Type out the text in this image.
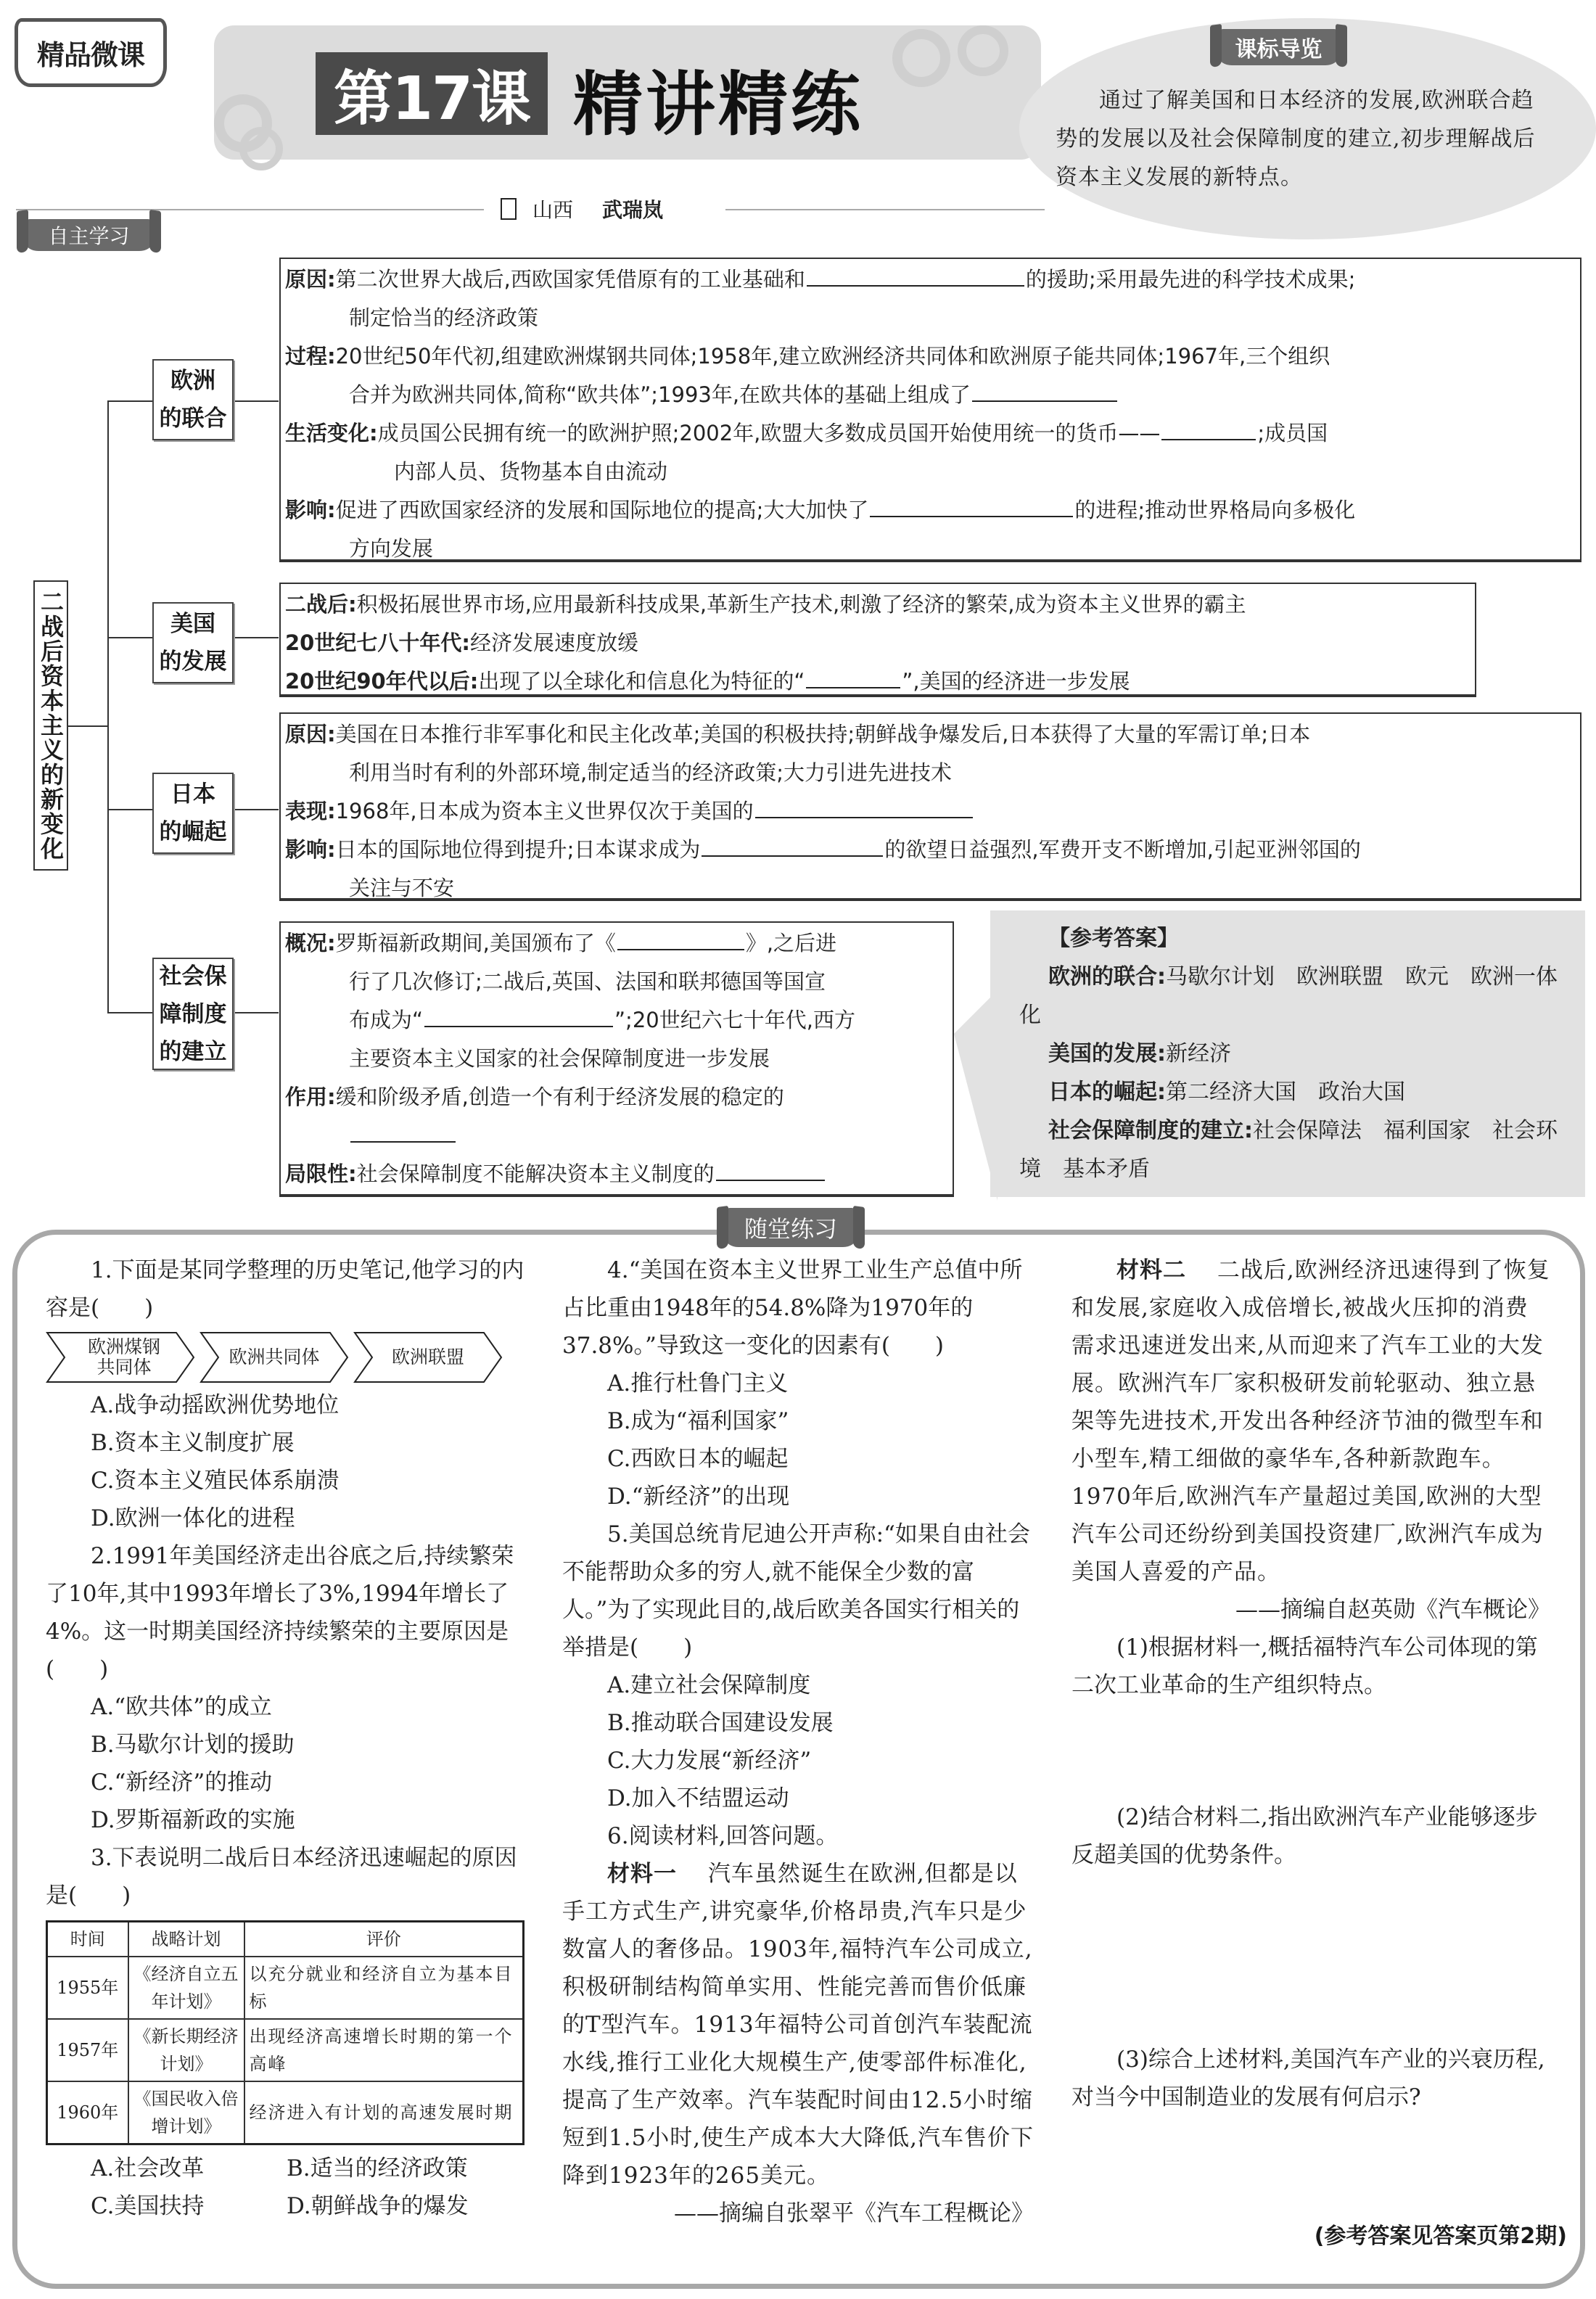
精品微课
第17课 精讲精练
课标导览
通过了解美国和日本经济的发展,欧洲联合趋势的发展以及社会保障制度的建立,初步理解战后资本主义发展的新特点。
山西 武瑞岚
自主学习
二战后资本主义的新变化
欧洲
的联合
美国
的发展
日本
的崛起
社会保
障制度
的建立
原因:第二次世界大战后,西欧国家凭借原有的工业基础和	的援助;采用最先进的科学技术成果;
制定恰当的经济政策
过程:20世纪50年代初,组建欧洲煤钢共同体;1958年,建立欧洲经济共同体和欧洲原子能共同体;1967年,三个组织
合并为欧洲共同体,简称“欧共体”;1993年,在欧共体的基础上组成了
生活变化:成员国公民拥有统一的欧洲护照;2002年,欧盟大多数成员国开始使用统一的货币——	;成员国
内部人员、货物基本自由流动
影响:促进了西欧国家经济的发展和国际地位的提高;大大加快了	的进程;推动世界格局向多极化
方向发展
二战后:积极拓展世界市场,应用最新科技成果,革新生产技术,刺激了经济的繁荣,成为资本主义世界的霸主
20世纪七八十年代:经济发展速度放缓
20世纪90年代以后:出现了以全球化和信息化为特征的“	”,美国的经济进一步发展
原因:美国在日本推行非军事化和民主化改革;美国的积极扶持;朝鲜战争爆发后,日本获得了大量的军需订单;日本
利用当时有利的外部环境,制定适当的经济政策;大力引进先进技术
表现:1968年,日本成为资本主义世界仅次于美国的
影响:日本的国际地位得到提升;日本谋求成为	的欲望日益强烈,军费开支不断增加,引起亚洲邻国的
关注与不安
概况:罗斯福新政期间,美国颁布了《	》,之后进
行了几次修订;二战后,英国、法国和联邦德国等国宣
布成为“	”;20世纪六七十年代,西方
主要资本主义国家的社会保障制度进一步发展
作用:缓和阶级矛盾,创造一个有利于经济发展的稳定的
局限性:社会保障制度不能解决资本主义制度的
【参考答案】
欧洲的联合:马歇尔计划　欧洲联盟　欧元　欧洲一体化
美国的发展:新经济
日本的崛起:第二经济大国　政治大国
社会保障制度的建立:社会保障法　福利国家　社会环境　基本矛盾
随堂练习

1.下面是某同学整理的历史笔记,他学习的内容是(　　)

欧洲煤钢共同体	欧洲共同体	欧洲联盟

A.战争动摇欧洲优势地位

B.资本主义制度扩展

C.资本主义殖民体系崩溃

D.欧洲一体化的进程

2.1991年美国经济走出谷底之后,持续繁荣了10年,其中1993年增长了3%,1994年增长了4%。这一时期美国经济持续繁荣的主要原因是(　　)

A.“欧共体”的成立

B.马歇尔计划的援助

C.“新经济”的推动

D.罗斯福新政的实施

3.下表说明二战后日本经济迅速崛起的原因是(　　)

时间	战略计划	评价
1955年	《经济自立五年计划》	以充分就业和经济自立为基本目标
1957年	《新长期经济计划》	出现经济高速增长时期的第一个高峰
1960年	《国民收入倍增计划》	经济进入有计划的高速发展时期

A.社会改革	B.适当的经济政策

C.美国扶持	D.朝鲜战争的爆发

4.“美国在资本主义世界工业生产总值中所占比重由1948年的54.8%降为1970年的37.8%。”导致这一变化的因素有(　　)

A.推行杜鲁门主义

B.成为“福利国家”

C.西欧日本的崛起

D.“新经济”的出现

5.美国总统肯尼迪公开声称:“如果自由社会不能帮助众多的穷人,就不能保全少数的富人。”为了实现此目的,战后欧美各国实行相关的举措是(　　)

A.建立社会保障制度

B.推动联合国建设发展

C.大力发展“新经济”

D.加入不结盟运动

6.阅读材料,回答问题。

材料一　 汽车虽然诞生在欧洲,但都是以手工方式生产,讲究豪华,价格昂贵,汽车只是少数富人的奢侈品。1903年,福特汽车公司成立,积极研制结构简单实用、性能完善而售价低廉的T型汽车。1913年福特公司首创汽车装配流水线,推行工业化大规模生产,使零部件标准化,提高了生产效率。汽车装配时间由12.5小时缩短到1.5小时,使生产成本大大降低,汽车售价下降到1923年的265美元。

——摘编自张翠平《汽车工程概论》

材料二　 二战后,欧洲经济迅速得到了恢复和发展,家庭收入成倍增长,被战火压抑的消费需求迅速迸发出来,从而迎来了汽车工业的大发展。欧洲汽车厂家积极研发前轮驱动、独立悬架等先进技术,开发出各种经济节油的微型车和小型车,精工细做的豪华车,各种新款跑车。1970年后,欧洲汽车产量超过美国,欧洲的大型汽车公司还纷纷到美国投资建厂,欧洲汽车成为美国人喜爱的产品。

——摘编自赵英勋《汽车概论》

(1)根据材料一,概括福特汽车公司体现的第二次工业革命的生产组织特点。

(2)结合材料二,指出欧洲汽车产业能够逐步反超美国的优势条件。

(3)综合上述材料,美国汽车产业的兴衰历程,对当今中国制造业的发展有何启示?

(参考答案见答案页第2期)
